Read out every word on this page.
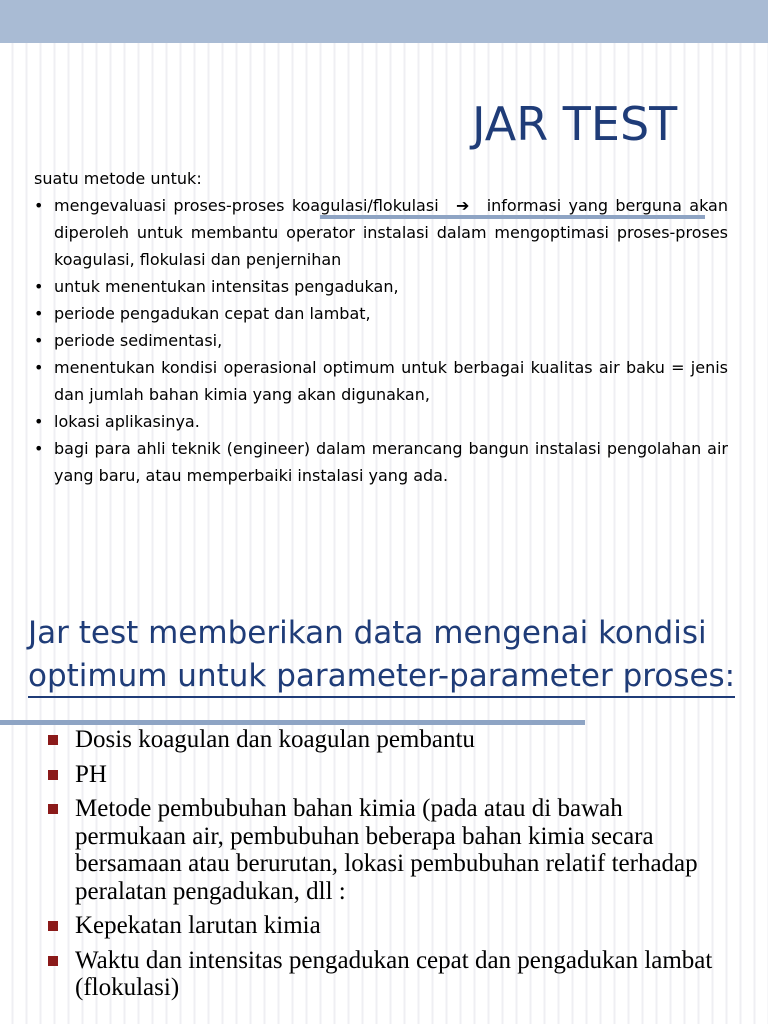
JAR TEST

suatu metode untuk:

• mengevaluasi proses-proses koagulasi/flokulasi ➔ informasi yang berguna akan diperoleh untuk membantu operator instalasi dalam mengoptimasi proses-proses koagulasi, flokulasi dan penjernihan
• untuk menentukan intensitas pengadukan,
• periode pengadukan cepat dan lambat,
• periode sedimentasi,
• menentukan kondisi operasional optimum untuk berbagai kualitas air baku = jenis dan jumlah bahan kimia yang akan digunakan,
• lokasi aplikasinya.
• bagi para ahli teknik (engineer) dalam merancang bangun instalasi pengolahan air yang baru, atau memperbaiki instalasi yang ada.
Jar test memberikan data mengenai kondisi
optimum untuk parameter-parameter proses:
Dosis koagulan dan koagulan pembantu
PH
Metode pembubuhan bahan kimia (pada atau di bawah permukaan air, pembubuhan beberapa bahan kimia secara bersamaan atau berurutan, lokasi pembubuhan relatif terhadap peralatan pengadukan, dll :
Kepekatan larutan kimia
Waktu dan intensitas pengadukan cepat dan pengadukan lambat (flokulasi)
